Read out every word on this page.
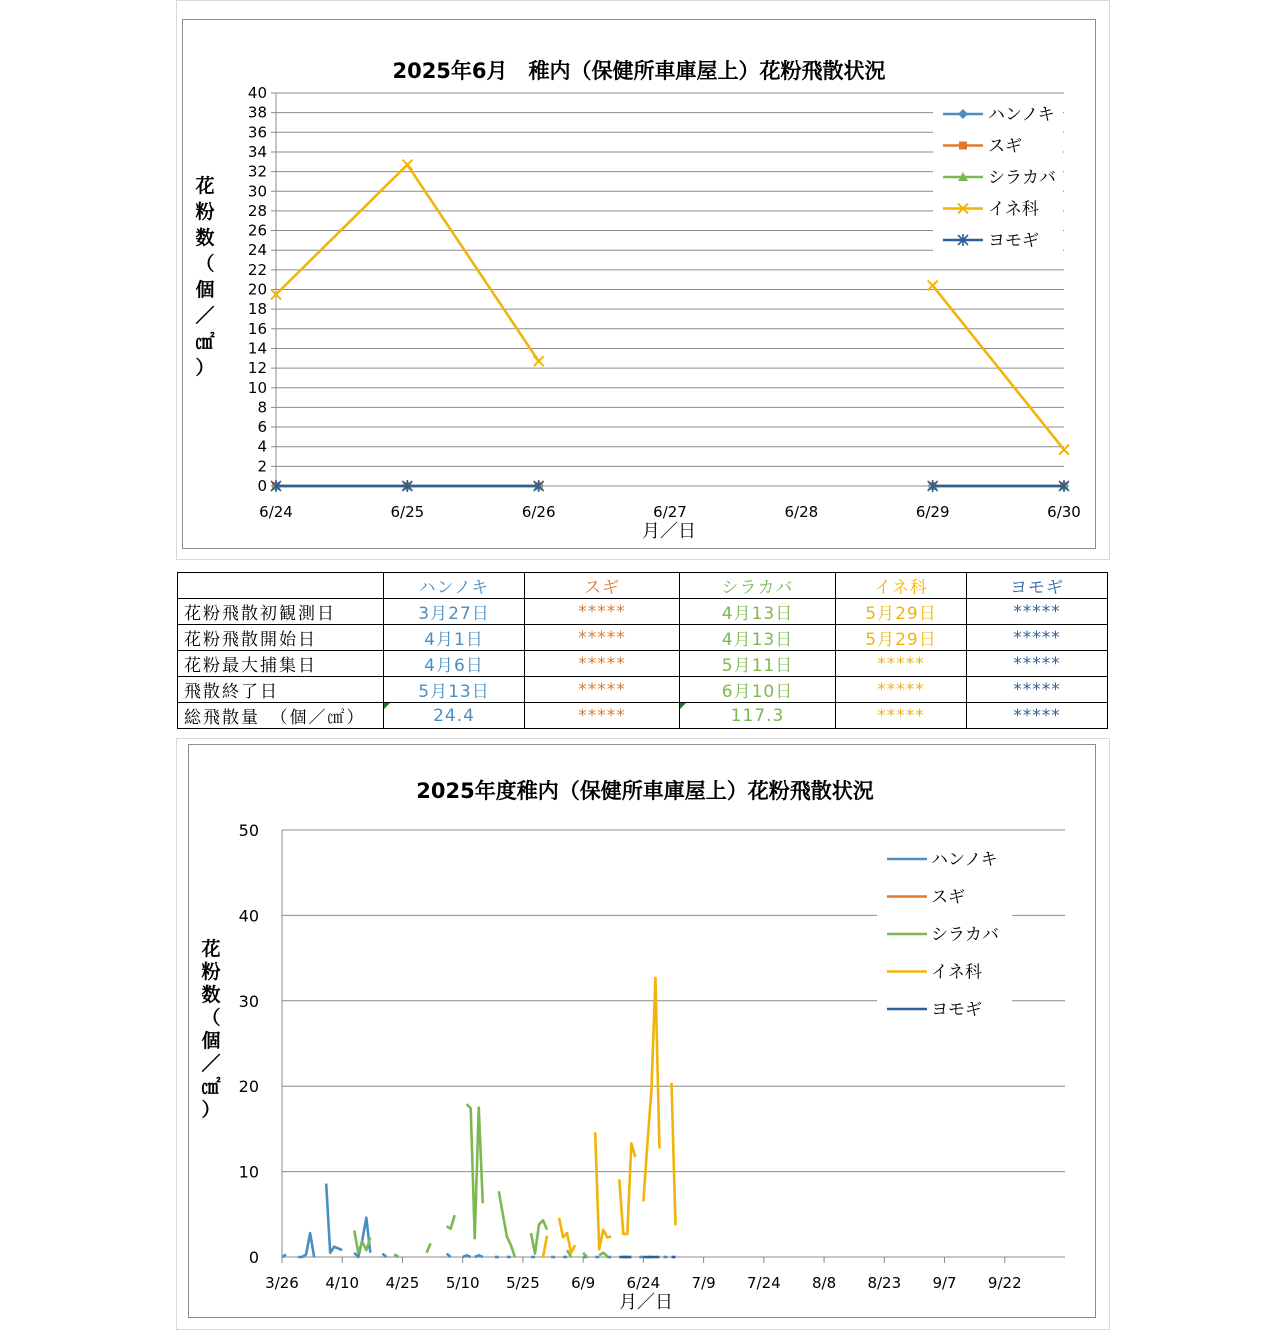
2025年6月　稚内（保健所車庫屋上）花粉飛散状況
0
2
4
6
8
10
12
14
16
18
20
22
24
26
28
30
32
34
36
38
40
6/24	6/25	6/26	6/27	6/28	6/29	6/30
月／日
花
粉
数
（
個
／
㎠
）
ハンノキ
スギ
シラカバ
イネ科
ヨモギ
	ハンノキ	スギ	シラカバ	イネ科	ヨモギ
花粉飛散初観測日	3月27日	*****	4月13日	5月29日	*****
花粉飛散開始日	4月1日	*****	4月13日	5月29日	*****
花粉最大捕集日	4月6日	*****	5月11日	*****	*****
飛散終了日	5月13日	*****	6月10日	*****	*****
総飛散量　（個／㎠）	24.4	*****	117.3	*****	*****
2025年度稚内（保健所車庫屋上）花粉飛散状況
0
10
20
30
40
50
3/26 4/10 4/25 5/10 5/25 6/9 6/24 7/9 7/24 8/8 8/23 9/7 9/22
月／日
花
粉
数
（
個
／
㎠
）
ハンノキ
スギ
シラカバ
イネ科
ヨモギ
